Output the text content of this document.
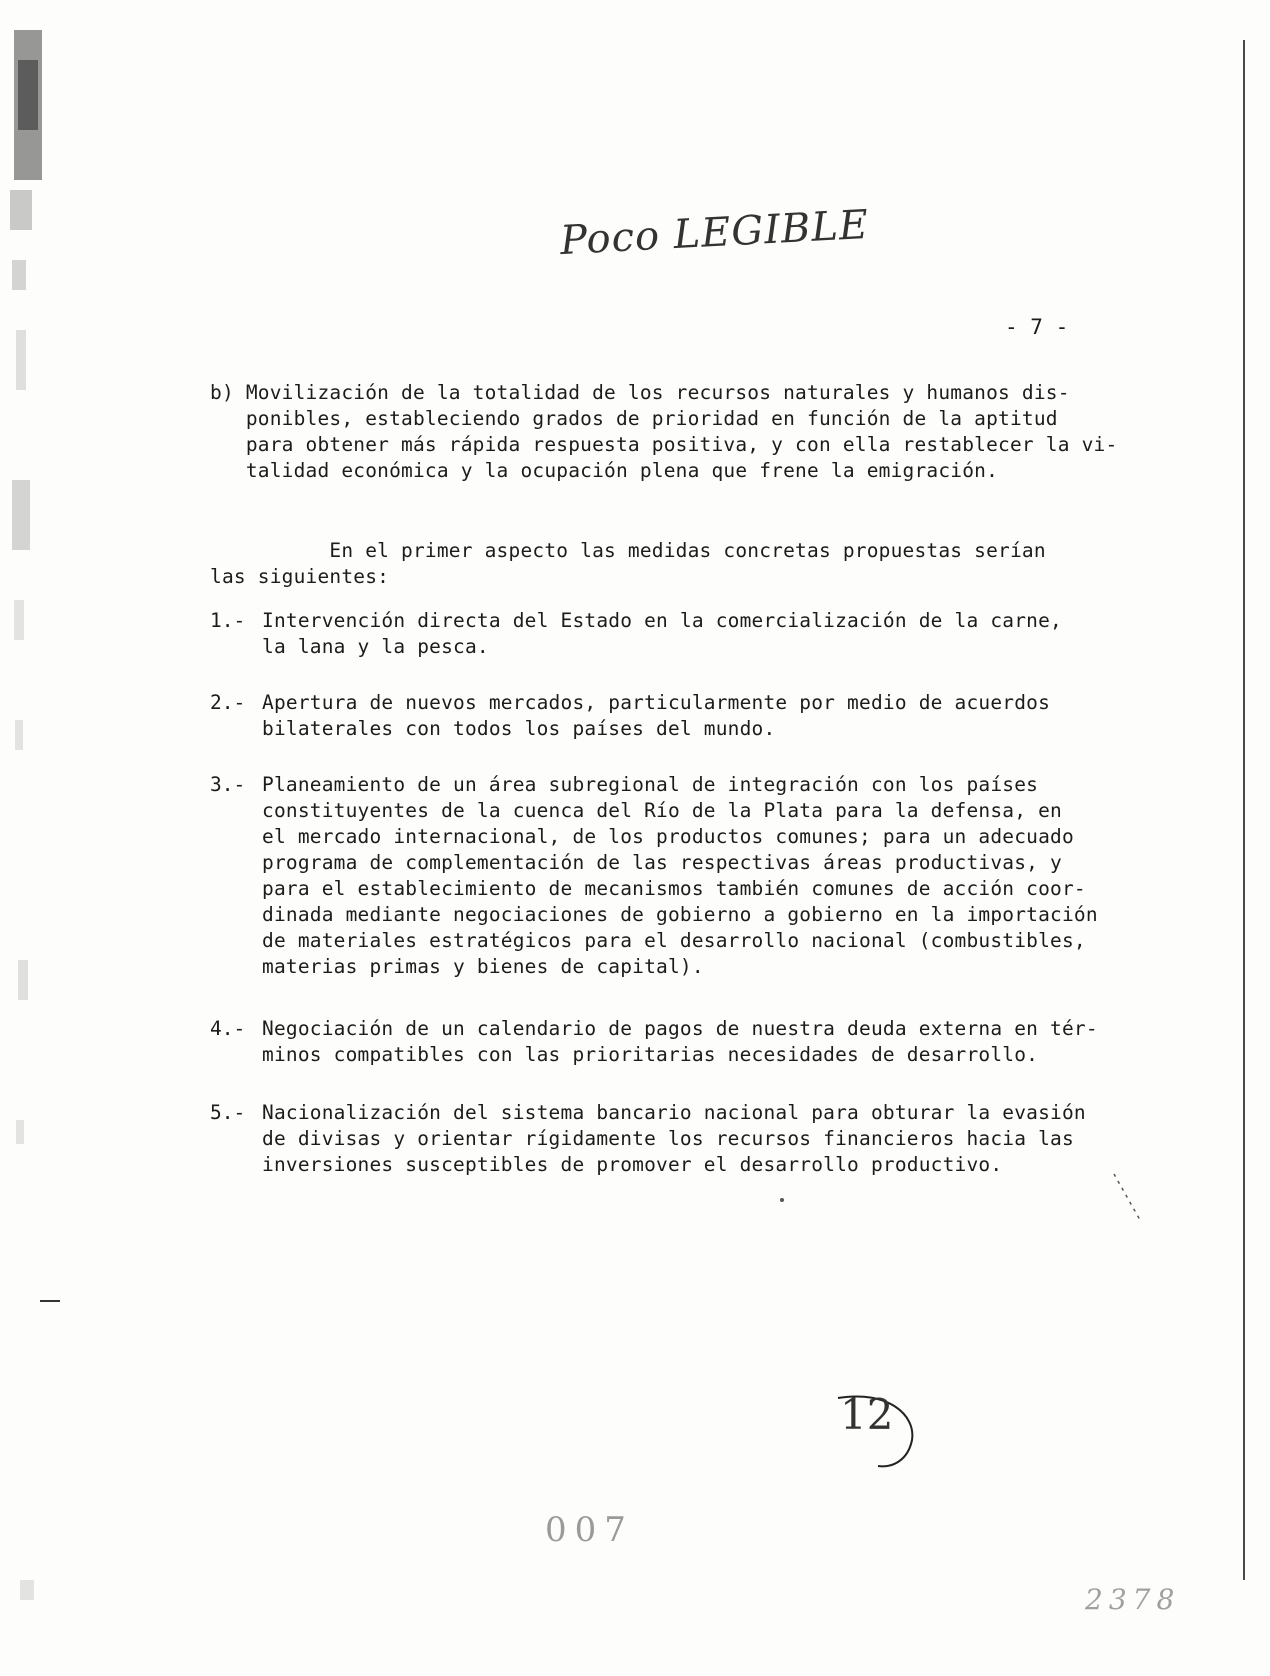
Poco LEGIBLE
- 7 -
b) Movilización de la totalidad de los recursos naturales y humanos dis-
ponibles, estableciendo grados de prioridad en función de la aptitud
para obtener más rápida respuesta positiva, y con ella restablecer la vi-
talidad económica y la ocupación plena que frene la emigración.
En el primer aspecto las medidas concretas propuestas serían
las siguientes:
1.- Intervención directa del Estado en la comercialización de la carne,
la lana y la pesca.
2.- Apertura de nuevos mercados, particularmente por medio de acuerdos
bilaterales con todos los países del mundo.
3.- Planeamiento de un área subregional de integración con los países
constituyentes de la cuenca del Río de la Plata para la defensa, en
el mercado internacional, de los productos comunes; para un adecuado
programa de complementación de las respectivas áreas productivas, y
para el establecimiento de mecanismos también comunes de acción coor-
dinada mediante negociaciones de gobierno a gobierno en la importación
de materiales estratégicos para el desarrollo nacional (combustibles,
materias primas y bienes de capital).
4.- Negociación de un calendario de pagos de nuestra deuda externa en tér-
minos compatibles con las prioritarias necesidades de desarrollo.
5.- Nacionalización del sistema bancario nacional para obturar la evasión
de divisas y orientar rígidamente los recursos financieros hacia las
inversiones susceptibles de promover el desarrollo productivo.
12
007
2378
